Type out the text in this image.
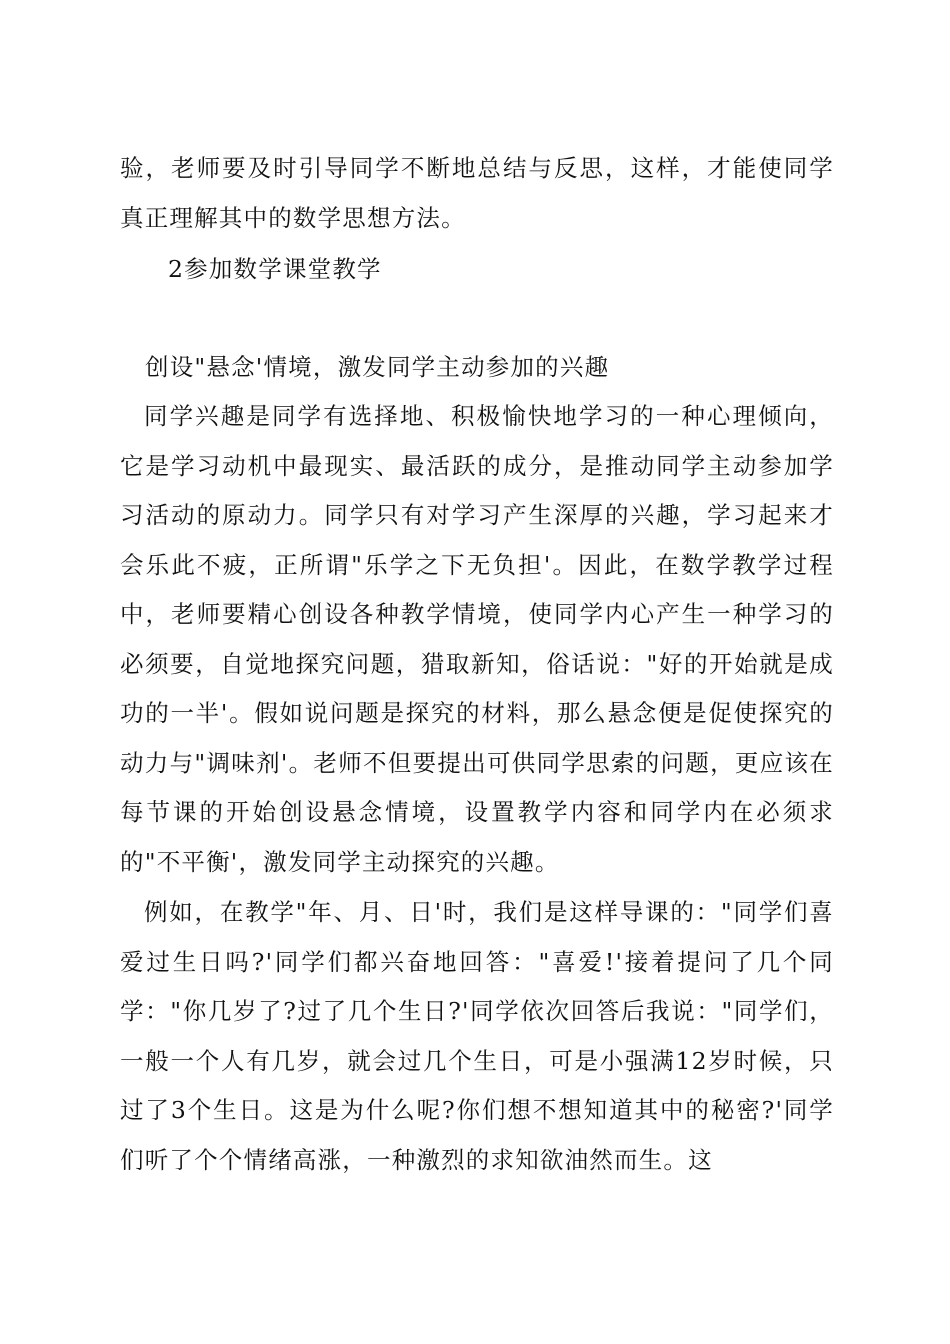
验，老师要及时引导同学不断地总结与反思，这样，才能使同学真正理解其中的数学思想方法。
2参加数学课堂教学
创设"悬念'情境，激发同学主动参加的兴趣
同学兴趣是同学有选择地、积极愉快地学习的一种心理倾向，它是学习动机中最现实、最活跃的成分，是推动同学主动参加学习活动的原动力。同学只有对学习产生深厚的兴趣，学习起来才会乐此不疲，正所谓"乐学之下无负担'。因此，在数学教学过程中，老师要精心创设各种教学情境，使同学内心产生一种学习的必须要，自觉地探究问题，猎取新知，俗话说："好的开始就是成功的一半'。假如说问题是探究的材料，那么悬念便是促使探究的动力与"调味剂'。老师不但要提出可供同学思索的问题，更应该在每节课的开始创设悬念情境，设置教学内容和同学内在必须求的"不平衡'，激发同学主动探究的兴趣。
例如，在教学"年、月、日'时，我们是这样导课的："同学们喜爱过生日吗?'同学们都兴奋地回答："喜爱!'接着提问了几个同学："你几岁了?过了几个生日?'同学依次回答后我说："同学们，一般一个人有几岁，就会过几个生日，可是小强满12岁时候，只过了3个生日。这是为什么呢?你们想不想知道其中的秘密?'同学们听了个个情绪高涨，一种激烈的求知欲油然而生。这
